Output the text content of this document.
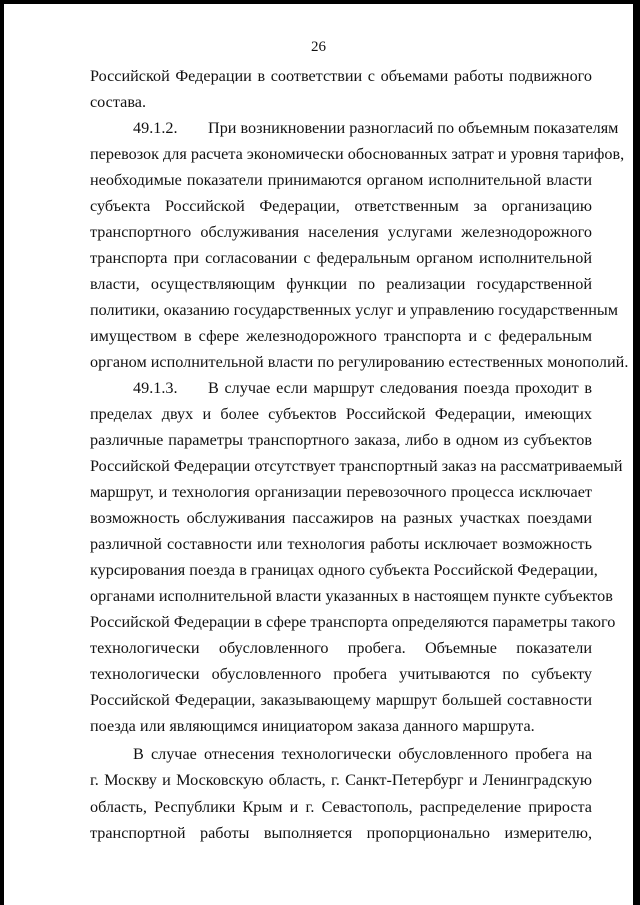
26
Российской Федерации в соответствии с объемами работы подвижного
состава.
49.1.2. При возникновении разногласий по объемным показателям
перевозок для расчета экономически обоснованных затрат и уровня тарифов,
необходимые показатели принимаются органом исполнительной власти
субъекта Российской Федерации, ответственным за организацию
транспортного обслуживания населения услугами железнодорожного
транспорта при согласовании с федеральным органом исполнительной
власти, осуществляющим функции по реализации государственной
политики, оказанию государственных услуг и управлению государственным
имуществом в сфере железнодорожного транспорта и с федеральным
органом исполнительной власти по регулированию естественных монополий.
49.1.3. В случае если маршрут следования поезда проходит в
пределах двух и более субъектов Российской Федерации, имеющих
различные параметры транспортного заказа, либо в одном из субъектов
Российской Федерации отсутствует транспортный заказ на рассматриваемый
маршрут, и технология организации перевозочного процесса исключает
возможность обслуживания пассажиров на разных участках поездами
различной составности или технология работы исключает возможность
курсирования поезда в границах одного субъекта Российской Федерации,
органами исполнительной власти указанных в настоящем пункте субъектов
Российской Федерации в сфере транспорта определяются параметры такого
технологически обусловленного пробега. Объемные показатели
технологически обусловленного пробега учитываются по субъекту
Российской Федерации, заказывающему маршрут большей составности
поезда или являющимся инициатором заказа данного маршрута.
В случае отнесения технологически обусловленного пробега на
г. Москву и Московскую область, г. Санкт-Петербург и Ленинградскую
область, Республики Крым и г. Севастополь, распределение прироста
транспортной работы выполняется пропорционально измерителю,
